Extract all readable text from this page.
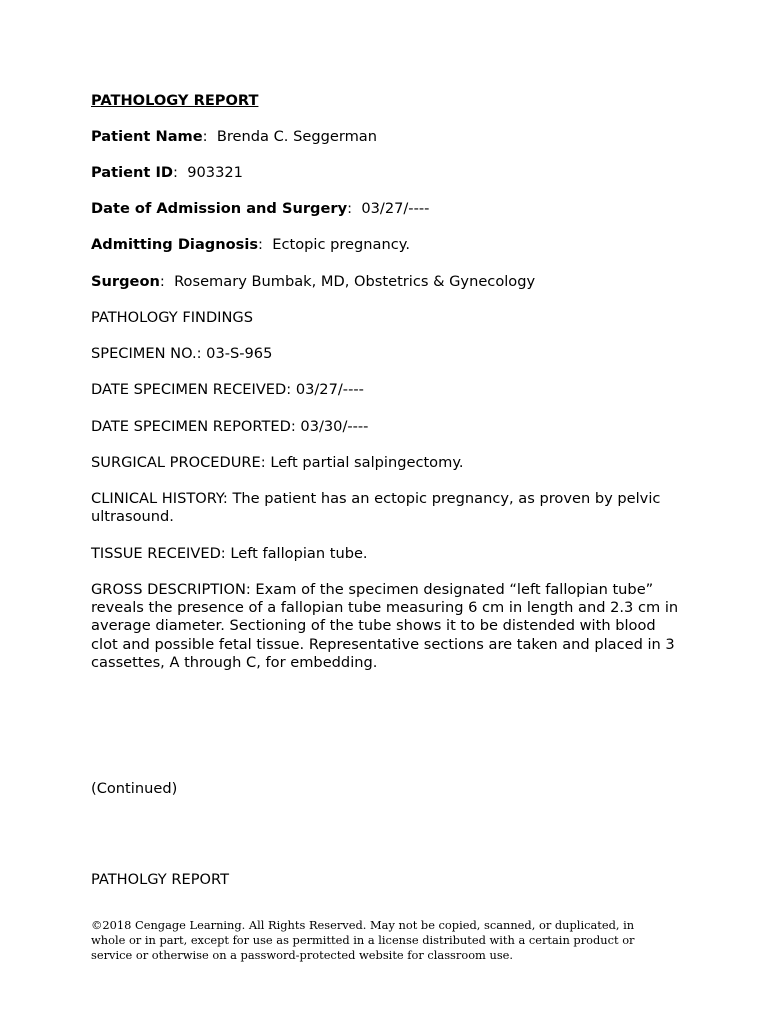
PATHOLOGY REPORT
Patient Name:  Brenda C. Seggerman
Patient ID:  903321
Date of Admission and Surgery:  03/27/----
Admitting Diagnosis:  Ectopic pregnancy.
Surgeon:  Rosemary Bumbak, MD, Obstetrics & Gynecology
PATHOLOGY FINDINGS
SPECIMEN NO.: 03-S-965
DATE SPECIMEN RECEIVED: 03/27/----
DATE SPECIMEN REPORTED: 03/30/----
SURGICAL PROCEDURE: Left partial salpingectomy.
CLINICAL HISTORY: The patient has an ectopic pregnancy, as proven by pelvic ultrasound.
TISSUE RECEIVED: Left fallopian tube.
GROSS DESCRIPTION: Exam of the specimen designated “left fallopian tube” reveals the presence of a fallopian tube measuring 6 cm in length and 2.3 cm in average diameter. Sectioning of the tube shows it to be distended with blood clot and possible fetal tissue. Representative sections are taken and placed in 3 cassettes, A through C, for embedding.
(Continued)
PATHOLGY REPORT
©2018 Cengage Learning. All Rights Reserved. May not be copied, scanned, or duplicated, in whole or in part, except for use as permitted in a license distributed with a certain product or service or otherwise on a password-protected website for classroom use.
